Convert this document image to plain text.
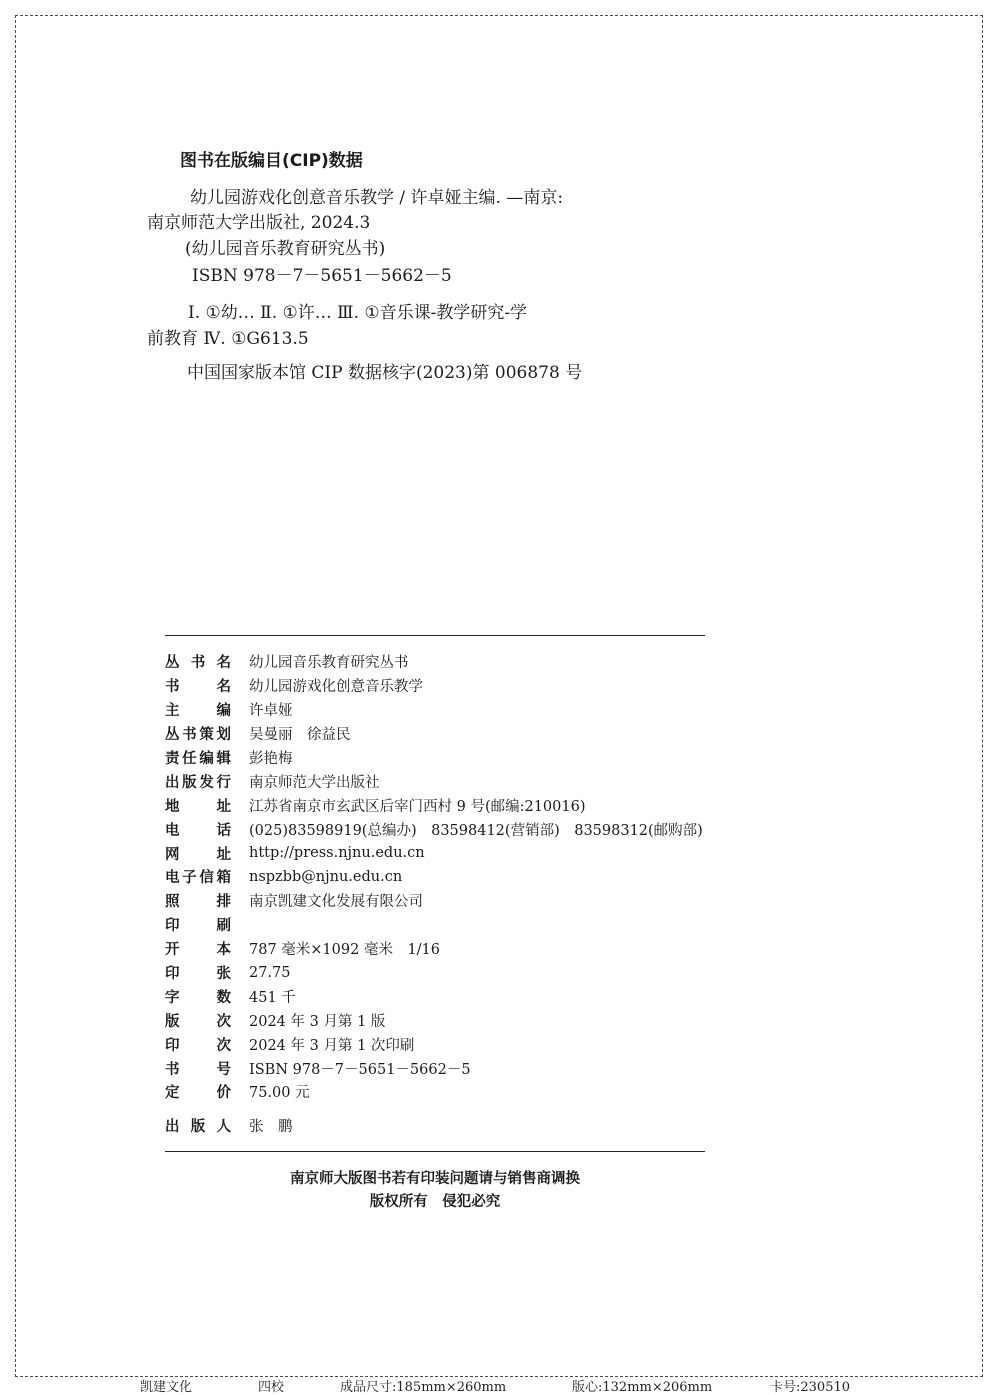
图书在版编目(CIP)数据
幼儿园游戏化创意音乐教学 / 许卓娅主编. —南京:
南京师范大学出版社, 2024.3
(幼儿园音乐教育研究丛书)
ISBN 978－7－5651－5662－5
Ⅰ. ①幼… Ⅱ. ①许… Ⅲ. ①音乐课-教学研究-学
前教育 Ⅳ. ①G613.5
中国国家版本馆 CIP 数据核字(2023)第 006878 号
丛 书 名	幼儿园音乐教育研究丛书

书 名	幼儿园游戏化创意音乐教学

主 编	许卓娅

丛 书 策 划	吴曼丽　徐益民

责 任 编 辑	彭艳梅

出 版 发 行	南京师范大学出版社

地 址	江苏省南京市玄武区后宰门西村 9 号(邮编:210016)

电 话	(025)83598919(总编办)　83598412(营销部)　83598312(邮购部)

网 址	http://press.njnu.edu.cn

电 子 信 箱	nspzbb@njnu.edu.cn

照 排	南京凯建文化发展有限公司

印 刷	

开 本	787 毫米×1092 毫米　1/16

印 张	27.75

字 数	451 千

版 次	2024 年 3 月第 1 版

印 次	2024 年 3 月第 1 次印刷

书 号	ISBN 978－7－5651－5662－5

定 价	75.00 元

出 版 人	张　鹏
南京师大版图书若有印装问题请与销售商调换
版权所有　侵犯必究
凯建文化	四校	成品尺寸:185mm×260mm	版心:132mm×206mm	卡号:230510
